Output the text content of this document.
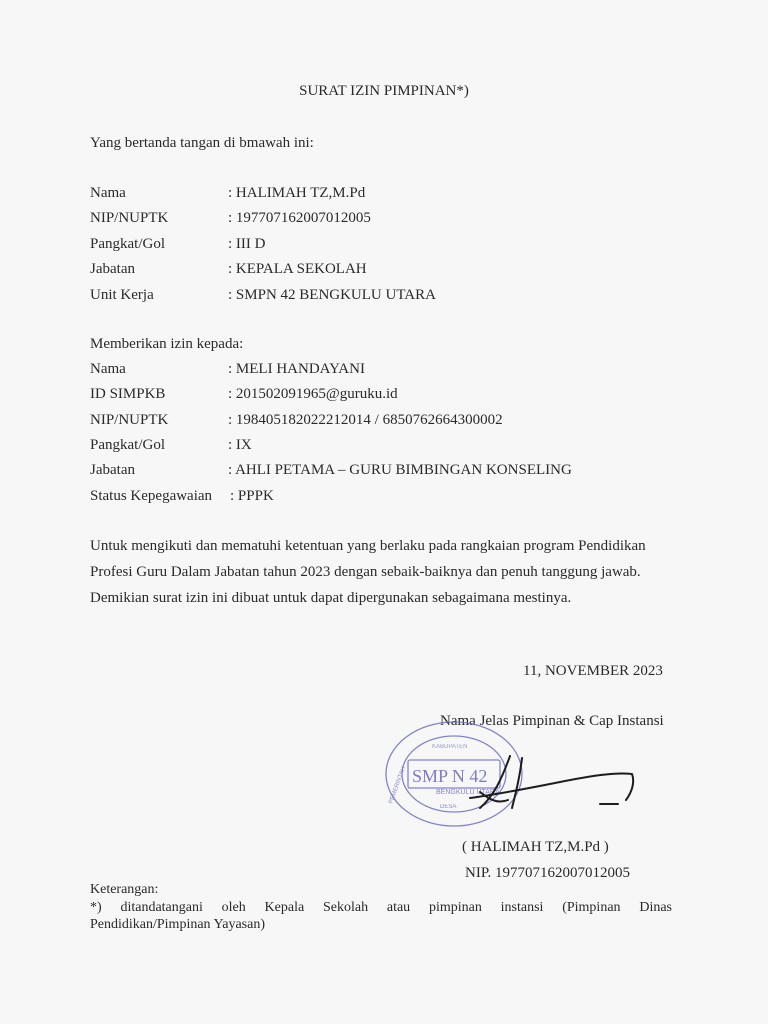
SURAT IZIN PIMPINAN*)
Yang bertanda tangan di bmawah ini:
Nama	: HALIMAH TZ,M.Pd
NIP/NUPTK	: 197707162007012005
Pangkat/Gol	: III D
Jabatan	: KEPALA SEKOLAH
Unit Kerja	: SMPN 42 BENGKULU UTARA
Memberikan izin kepada:
Nama	: MELI HANDAYANI
ID SIMPKB	: 201502091965@guruku.id
NIP/NUPTK	: 198405182022212014 / 6850762664300002
Pangkat/Gol	: IX
Jabatan	: AHLI PETAMA – GURU BIMBINGAN KONSELING
Status Kepegawaian : PPPK
Untuk mengikuti dan mematuhi ketentuan yang berlaku pada rangkaian program Pendidikan
Profesi Guru Dalam Jabatan tahun 2023 dengan sebaik-baiknya dan penuh tanggung jawab.
Demikian surat izin ini dibuat untuk dapat dipergunakan sebagaimana mestinya.
11, NOVEMBER 2023
Nama Jelas Pimpinan & Cap Instansi
SMP N 42
BENGKULU UTARA
DESA
PEMERINTAH
KABUPATEN
( HALIMAH TZ,M.Pd )
NIP. 197707162007012005
Keterangan:
*) ditandatangani oleh Kepala Sekolah atau pimpinan instansi (Pimpinan Dinas
Pendidikan/Pimpinan Yayasan)
